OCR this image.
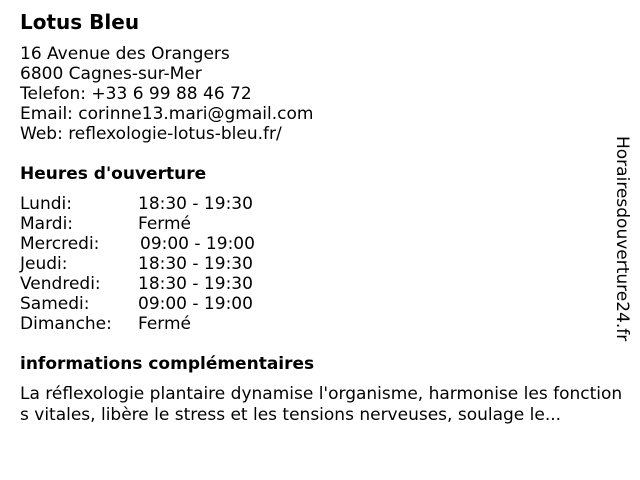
Lotus Bleu
16 Avenue des Orangers
6800 Cagnes-sur-Mer
Telefon: +33 6 99 88 46 72
Email: corinne13.mari@gmail.com
Web: reflexologie-lotus-bleu.fr/
Heures d'ouverture
Lundi:	18:30 - 19:30
Mardi:	Fermé
Mercredi: 09:00 - 19:00
Jeudi:	18:30 - 19:30
Vendredi: 18:30 - 19:30
Samedi:	09:00 - 19:00
Dimanche: Fermé
informations complémentaires
La réflexologie plantaire dynamise l'organisme, harmonise les fonctions vitales, libère le stress et les tensions nerveuses, soulage le...
Horairesdouverture24.fr
